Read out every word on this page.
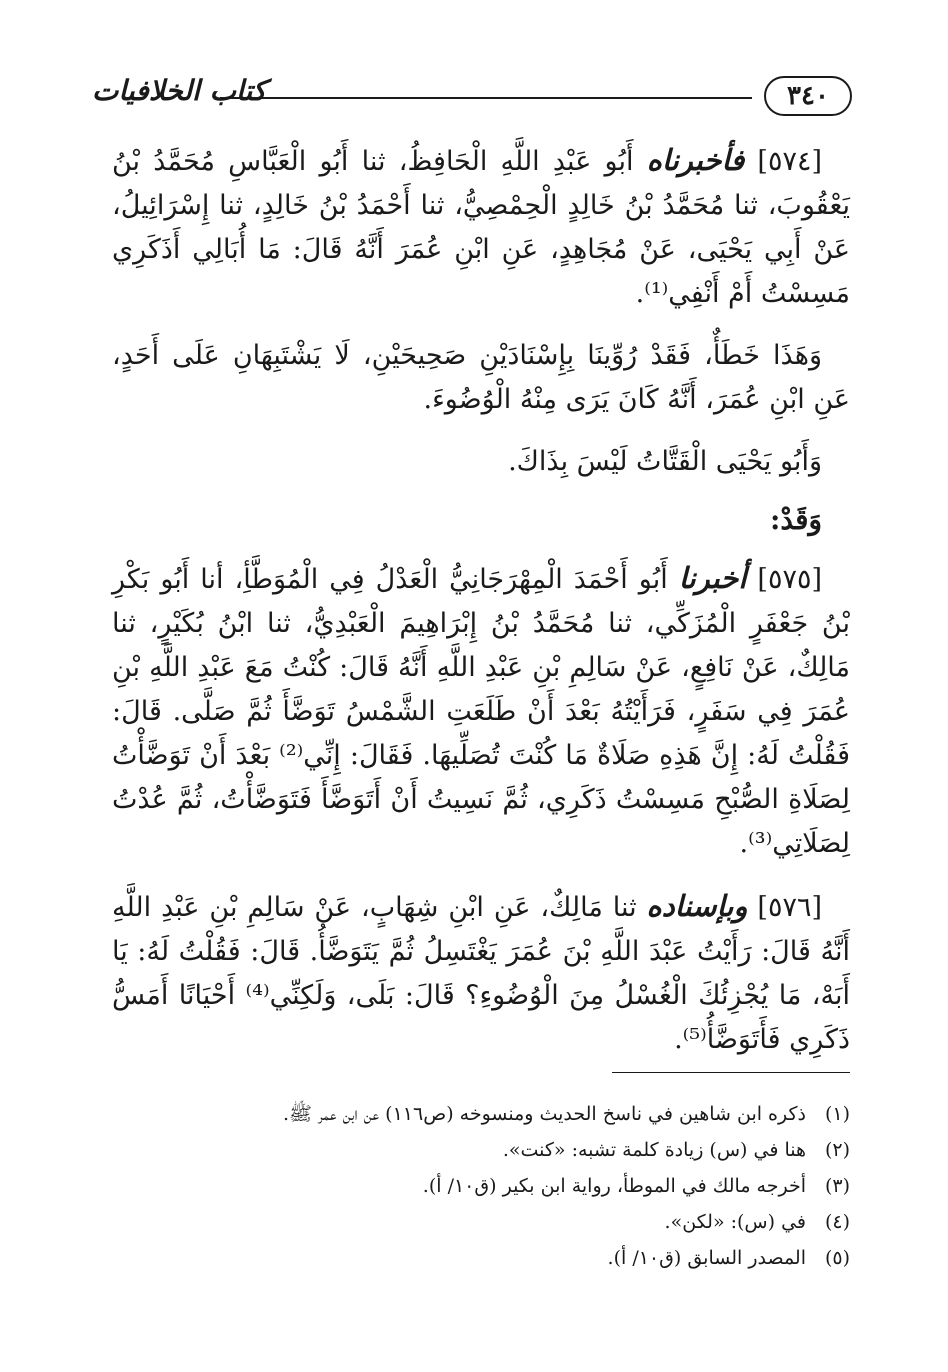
٣٤٠
كتاب الخلافيات

[٥٧٤] فأخبرناه أَبُو عَبْدِ اللَّهِ الْحَافِظُ، ثنا أَبُو الْعَبَّاسِ مُحَمَّدُ بْنُ يَعْقُوبَ، ثنا مُحَمَّدُ بْنُ خَالِدٍ الْحِمْصِيُّ، ثنا أَحْمَدُ بْنُ خَالِدٍ، ثنا إِسْرَائِيلُ، عَنْ أَبِي يَحْيَى، عَنْ مُجَاهِدٍ، عَنِ ابْنِ عُمَرَ أَنَّهُ قَالَ: مَا أُبَالِي أَذَكَرِي مَسِسْتُ أَمْ أَنْفِي⁽¹⁾.

وَهَذَا خَطَأٌ، فَقَدْ رُوِّينَا بِإِسْنَادَيْنِ صَحِيحَيْنِ، لَا يَشْتَبِهَانِ عَلَى أَحَدٍ، عَنِ ابْنِ عُمَرَ، أَنَّهُ كَانَ يَرَى مِنْهُ الْوُضُوءَ.

وَأَبُو يَحْيَى الْقَتَّاتُ لَيْسَ بِذَاكَ.

وَقَدْ:

[٥٧٥] أخبرنا أَبُو أَحْمَدَ الْمِهْرَجَانِيُّ الْعَدْلُ فِي الْمُوَطَّأِ، أنا أَبُو بَكْرِ بْنُ جَعْفَرٍ الْمُزَكِّي، ثنا مُحَمَّدُ بْنُ إِبْرَاهِيمَ الْعَبْدِيُّ، ثنا ابْنُ بُكَيْرٍ، ثنا مَالِكٌ، عَنْ نَافِعٍ، عَنْ سَالِمِ بْنِ عَبْدِ اللَّهِ أَنَّهُ قَالَ: كُنْتُ مَعَ عَبْدِ اللَّهِ بْنِ عُمَرَ فِي سَفَرٍ، فَرَأَيْتُهُ بَعْدَ أَنْ طَلَعَتِ الشَّمْسُ تَوَضَّأَ ثُمَّ صَلَّى. قَالَ: فَقُلْتُ لَهُ: إِنَّ هَذِهِ صَلَاةٌ مَا كُنْتَ تُصَلِّيهَا. فَقَالَ: إِنِّي⁽²⁾ بَعْدَ أَنْ تَوَضَّأْتُ لِصَلَاةِ الصُّبْحِ مَسِسْتُ ذَكَرِي، ثُمَّ نَسِيتُ أَنْ أَتَوَضَّأَ فَتَوَضَّأْتُ، ثُمَّ عُدْتُ لِصَلَاتِي⁽³⁾.

[٥٧٦] وبإسناده ثنا مَالِكٌ، عَنِ ابْنِ شِهَابٍ، عَنْ سَالِمِ بْنِ عَبْدِ اللَّهِ أَنَّهُ قَالَ: رَأَيْتُ عَبْدَ اللَّهِ بْنَ عُمَرَ يَغْتَسِلُ ثُمَّ يَتَوَضَّأُ. قَالَ: فَقُلْتُ لَهُ: يَا أَبَهْ، مَا يُجْزِئُكَ الْغُسْلُ مِنَ الْوُضُوءِ؟ قَالَ: بَلَى، وَلَكِنِّي⁽⁴⁾ أَحْيَانًا أَمَسُّ ذَكَرِي فَأَتَوَضَّأُ⁽⁵⁾.

(١)
ذكره ابن شاهين في ناسخ الحديث ومنسوخه (ص١١٦) عن ابن عمر ﷺ.
(٢)
هنا في (س) زيادة كلمة تشبه: «كنت».
(٣)
أخرجه مالك في الموطأ، رواية ابن بكير (ق١٠/ أ).
(٤)
في (س): «لكن».
(٥)
المصدر السابق (ق١٠/ أ).
